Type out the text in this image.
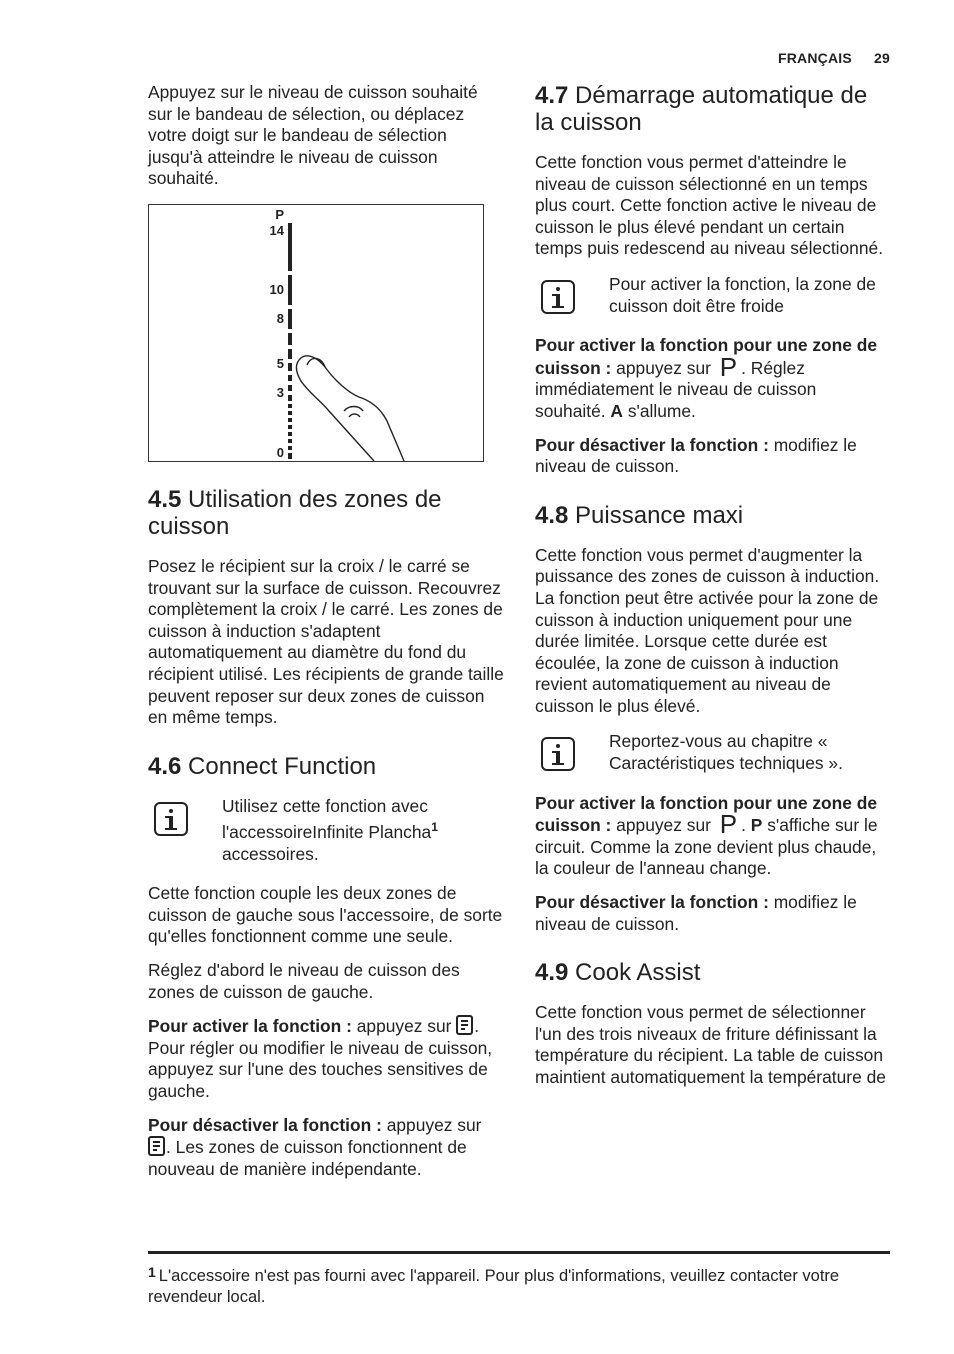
FRANÇAIS 29

Appuyez sur le niveau de cuisson souhaité sur le bandeau de sélection, ou déplacez votre doigt sur le bandeau de sélection jusqu'à atteindre le niveau de cuisson souhaité.

P
14
10
8
5
3
0
4.5 Utilisation des zones de cuisson

Posez le récipient sur la croix / le carré se trouvant sur la surface de cuisson. Recouvrez complètement la croix / le carré. Les zones de cuisson à induction s'adaptent automatiquement au diamètre du fond du récipient utilisé. Les récipients de grande taille peuvent reposer sur deux zones de cuisson en même temps.

4.6 Connect Function

Utilisez cette fonction avec l'accessoireInfinite Plancha$^1$ accessoires.

Cette fonction couple les deux zones de cuisson de gauche sous l'accessoire, de sorte qu'elles fonctionnent comme une seule.

Réglez d'abord le niveau de cuisson des zones de cuisson de gauche.

Pour activer la fonction : appuyez sur
. Pour régler ou modifier le niveau de cuisson, appuyez sur l'une des touches sensitives de gauche.

Pour désactiver la fonction : appuyez sur
. Les zones de cuisson fonctionnent de nouveau de manière indépendante.

4.7 Démarrage automatique de la cuisson

Cette fonction vous permet d'atteindre le niveau de cuisson sélectionné en un temps plus court. Cette fonction active le niveau de cuisson le plus élevé pendant un certain temps puis redescend au niveau sélectionné.

Pour activer la fonction, la zone de cuisson doit être froide

Pour activer la fonction pour une zone de cuisson : appuyez sur P . Réglez immédiatement le niveau de cuisson souhaité. A s'allume.

Pour désactiver la fonction : modifiez le niveau de cuisson.

4.8 Puissance maxi

Cette fonction vous permet d'augmenter la puissance des zones de cuisson à induction. La fonction peut être activée pour la zone de cuisson à induction uniquement pour une durée limitée. Lorsque cette durée est écoulée, la zone de cuisson à induction revient automatiquement au niveau de cuisson le plus élevé.

Reportez-vous au chapitre « Caractéristiques techniques ».

Pour activer la fonction pour une zone de cuisson : appuyez sur P . P s'affiche sur le circuit. Comme la zone devient plus chaude, la couleur de l'anneau change.

Pour désactiver la fonction : modifiez le niveau de cuisson.

4.9 Cook Assist

Cette fonction vous permet de sélectionner l'un des trois niveaux de friture définissant la température du récipient. La table de cuisson maintient automatiquement la température de

$^1$ L'accessoire n'est pas fourni avec l'appareil. Pour plus d'informations, veuillez contacter votre revendeur local.
